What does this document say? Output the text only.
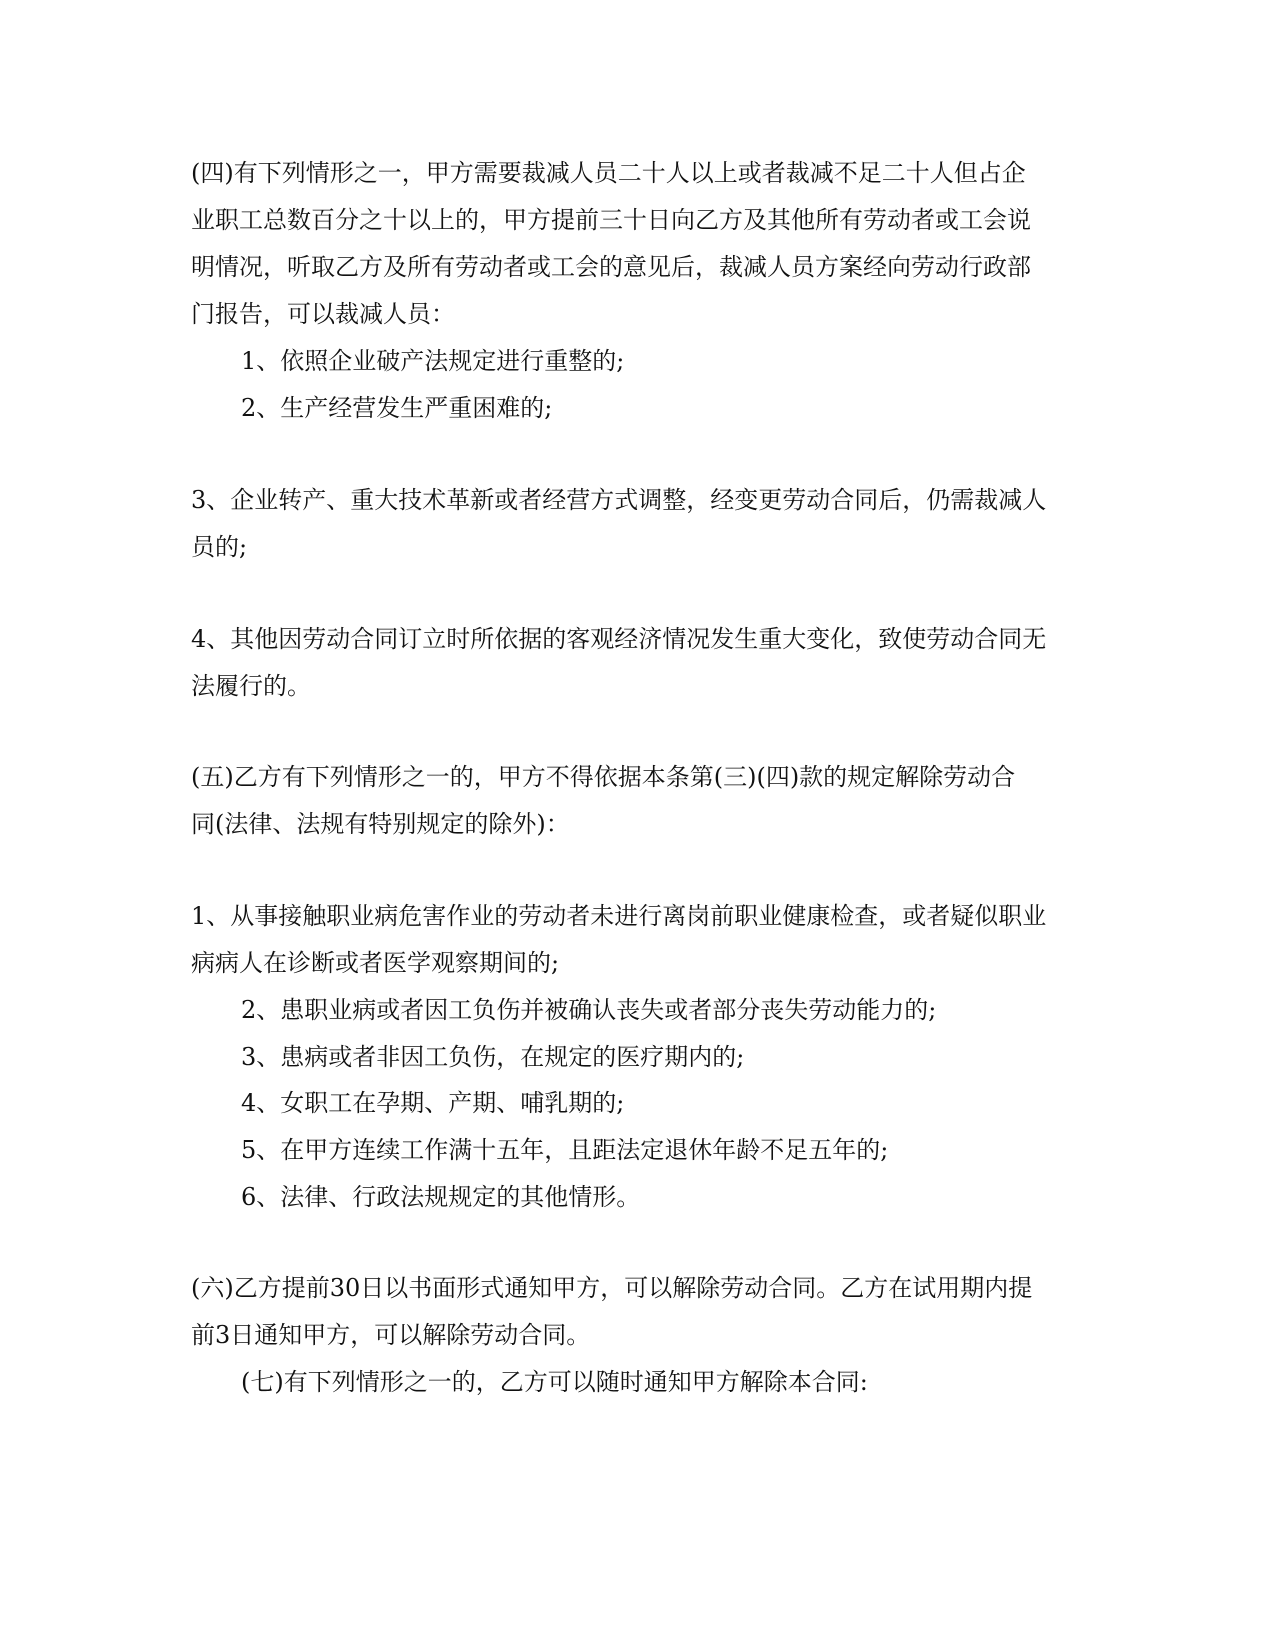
(四)有下列情形之一，甲方需要裁减人员二十人以上或者裁减不足二十人但占企

业职工总数百分之十以上的，甲方提前三十日向乙方及其他所有劳动者或工会说

明情况，听取乙方及所有劳动者或工会的意见后，裁减人员方案经向劳动行政部

门报告，可以裁减人员：

1、依照企业破产法规定进行重整的;

2、生产经营发生严重困难的;

3、企业转产、重大技术革新或者经营方式调整，经变更劳动合同后，仍需裁减人

员的;

4、其他因劳动合同订立时所依据的客观经济情况发生重大变化，致使劳动合同无

法履行的。

(五)乙方有下列情形之一的，甲方不得依据本条第(三)(四)款的规定解除劳动合

同(法律、法规有特别规定的除外)：

1、从事接触职业病危害作业的劳动者未进行离岗前职业健康检查，或者疑似职业

病病人在诊断或者医学观察期间的;

2、患职业病或者因工负伤并被确认丧失或者部分丧失劳动能力的;

3、患病或者非因工负伤，在规定的医疗期内的;

4、女职工在孕期、产期、哺乳期的;

5、在甲方连续工作满十五年，且距法定退休年龄不足五年的;

6、法律、行政法规规定的其他情形。

(六)乙方提前30日以书面形式通知甲方，可以解除劳动合同。乙方在试用期内提

前3日通知甲方，可以解除劳动合同。

(七)有下列情形之一的，乙方可以随时通知甲方解除本合同:
